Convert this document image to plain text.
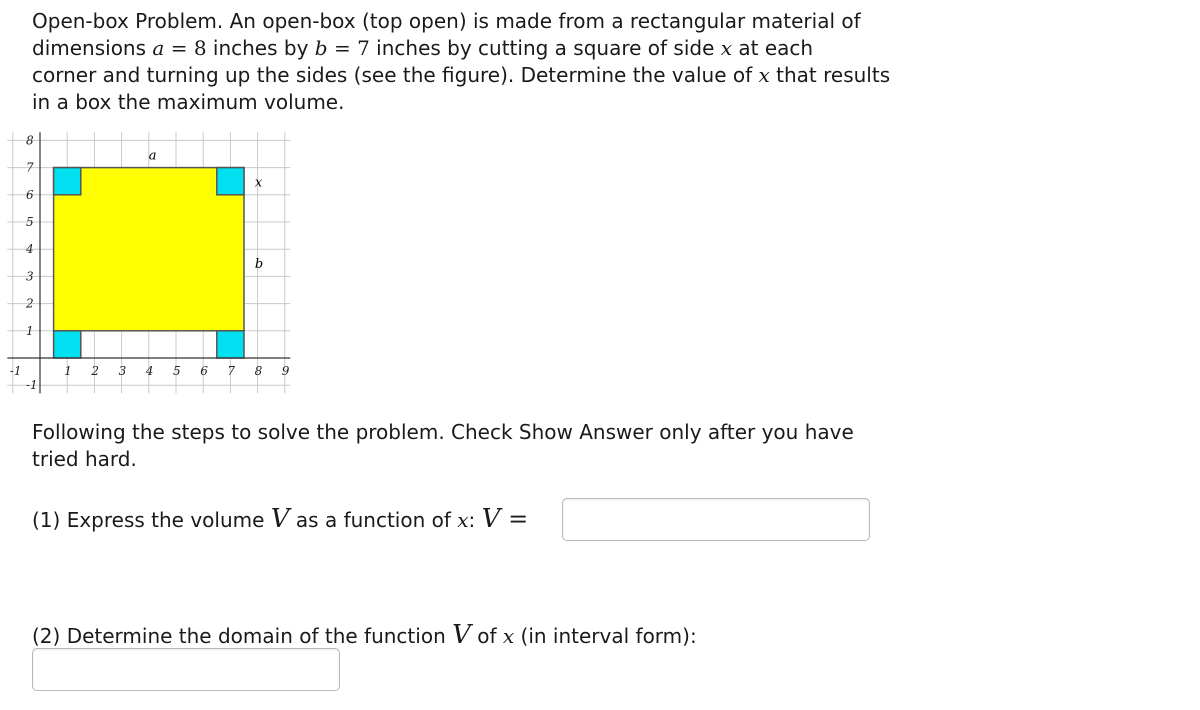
Open-box Problem. An open-box (top open) is made from a rectangular material of
dimensions a = 8 inches by b = 7 inches by cutting a square of side x at each
corner and turning up the sides (see the figure). Determine the value of x that results
in a box the maximum volume.
-1	1 2 3 4 5 6 7 8 9
8
7
6
5
4
3
2
1
-1
a
b
x
Following the steps to solve the problem. Check Show Answer only after you have
tried hard.
(1) Express the volume V as a function of x: V =
(2) Determine the domain of the function V of x (in interval form):
